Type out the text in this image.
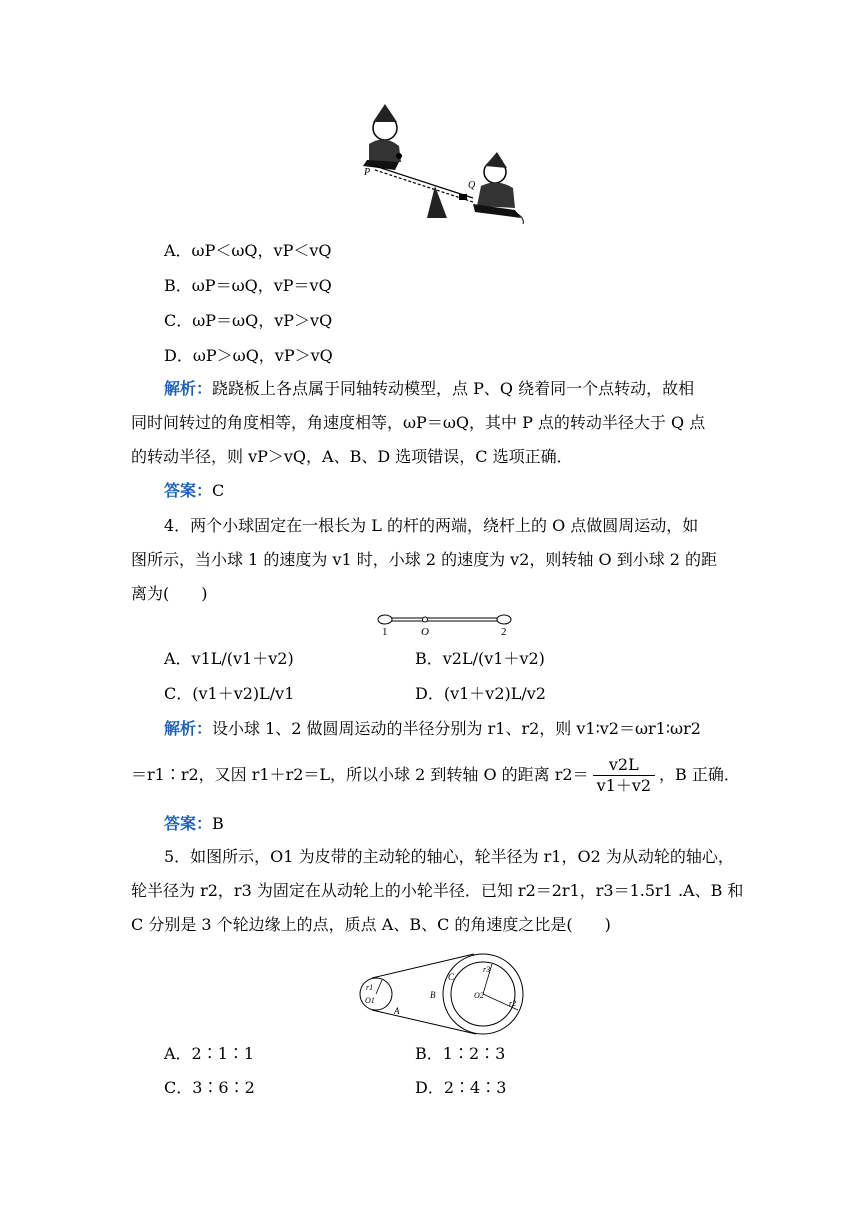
P
Q
A．ωP＜ωQ，vP＜vQ
B．ωP＝ωQ，vP＝vQ
C．ωP＝ωQ，vP＞vQ
D．ωP＞ωQ，vP＞vQ
解析：跷跷板上各点属于同轴转动模型，点 P、Q 绕着同一个点转动，故相
同时间转过的角度相等，角速度相等，ωP＝ωQ，其中 P 点的转动半径大于 Q 点
的转动半径，则 vP＞vQ，A、B、D 选项错误，C 选项正确．
答案：C
4．两个小球固定在一根长为 L 的杆的两端，绕杆上的 O 点做圆周运动，如
图所示，当小球 1 的速度为 v1 时，小球 2 的速度为 v2，则转轴 O 到小球 2 的距
离为(　　)
1	O	2
A．v1L/(v1＋v2)	B．v2L/(v1＋v2)
C．(v1＋v2)L/v1	D．(v1＋v2)L/v2
解析：设小球 1、2 做圆周运动的半径分别为 r1、r2，则 v1∶v2＝ωr1∶ωr2
＝r1∶r2，又因 r1＋r2＝L，所以小球 2 到转轴 O 的距离 $r2= \frac{v2L}{v1+v2}$ ，B 正确．
答案：B
5．如图所示，O1 为皮带的主动轮的轴心，轮半径为 r1，O2 为从动轮的轴心，
轮半径为 r2，r3 为固定在从动轮上的小轮半径．已知 r2＝2r1，r3＝1.5r1 .A、B 和
C 分别是 3 个轮边缘上的点，质点 A、B、C 的角速度之比是(　　)
r1
O1
A
B
C
r3
O2
r2
A．2∶1∶1	B．1∶2∶3
C．3∶6∶2	D．2∶4∶3
